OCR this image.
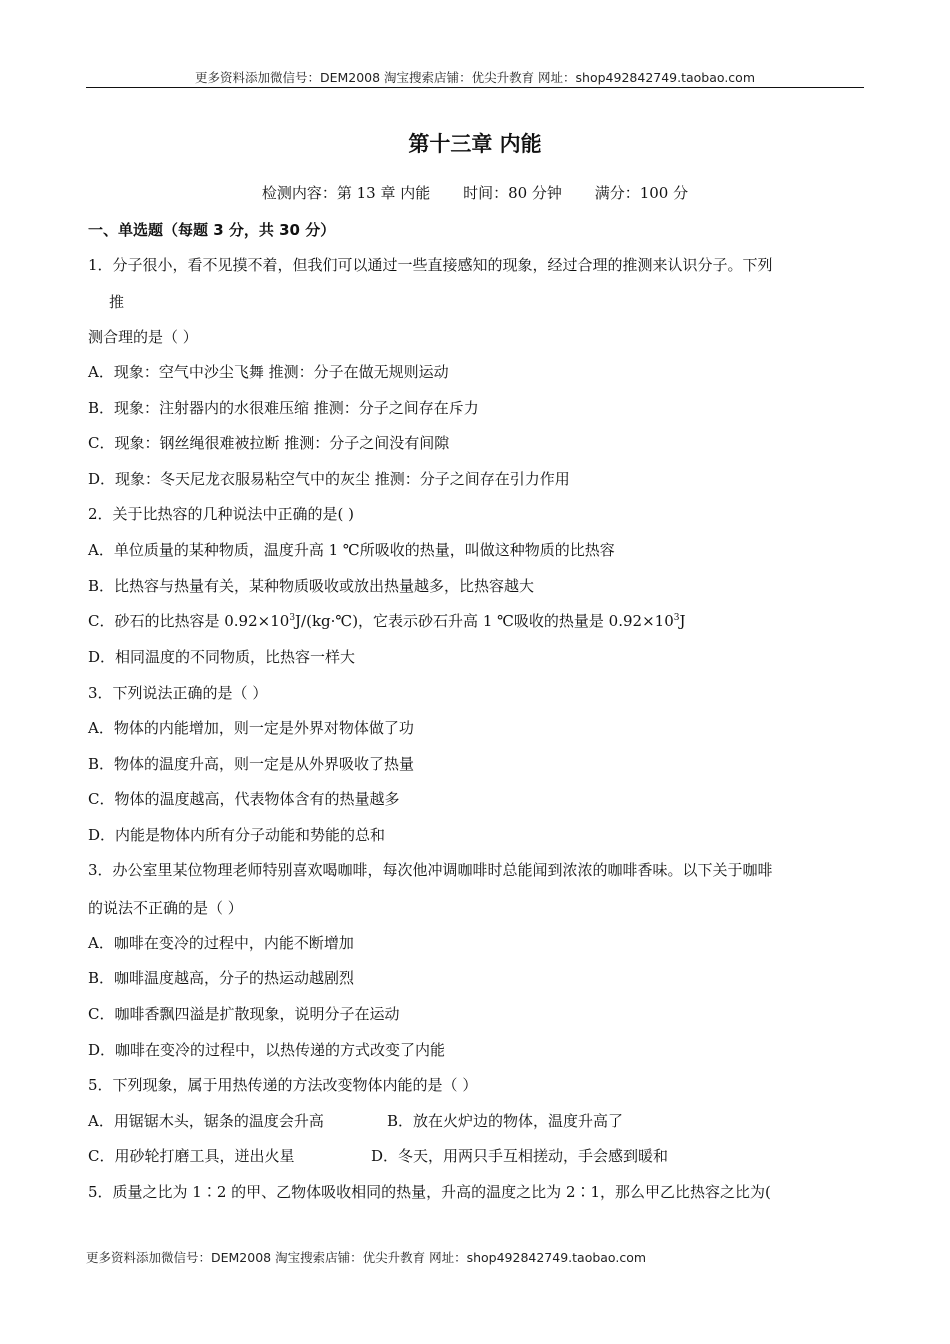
更多资料添加微信号：DEM2008 淘宝搜索店铺：优尖升教育 网址：shop492842749.taobao.com
第十三章 内能
检测内容：第 13 章 内能 时间：80 分钟 满分：100 分
一、单选题（每题 3 分，共 30 分）
1．分子很小，看不见摸不着，但我们可以通过一些直接感知的现象，经过合理的推测来认识分子。下列
推
测合理的是（ ）
A．现象：空气中沙尘飞舞 推测：分子在做无规则运动
B．现象：注射器内的水很难压缩 推测：分子之间存在斥力
C．现象：钢丝绳很难被拉断 推测：分子之间没有间隙
D．现象：冬天尼龙衣服易粘空气中的灰尘 推测：分子之间存在引力作用
2．关于比热容的几种说法中正确的是( )
A．单位质量的某种物质，温度升高 1 ℃所吸收的热量，叫做这种物质的比热容
B．比热容与热量有关，某种物质吸收或放出热量越多，比热容越大
C．砂石的比热容是 $0.92\times 10^3J/(kg\cdot℃)$，它表示砂石升高 1 ℃吸收的热量是 $0.92\times 10^3J$
D．相同温度的不同物质，比热容一样大
3．下列说法正确的是（ ）
A．物体的内能增加，则一定是外界对物体做了功
B．物体的温度升高，则一定是从外界吸收了热量
C．物体的温度越高，代表物体含有的热量越多
D．内能是物体内所有分子动能和势能的总和
3．办公室里某位物理老师特别喜欢喝咖啡，每次他冲调咖啡时总能闻到浓浓的咖啡香味。以下关于咖啡
的说法不正确的是（ ）
A．咖啡在变冷的过程中，内能不断增加
B．咖啡温度越高，分子的热运动越剧烈
C．咖啡香飘四溢是扩散现象，说明分子在运动
D．咖啡在变冷的过程中，以热传递的方式改变了内能
5．下列现象，属于用热传递的方法改变物体内能的是（ ）
A．用锯锯木头，锯条的温度会升高	B．放在火炉边的物体，温度升高了
C．用砂轮打磨工具，迸出火星	D．冬天，用两只手互相搓动，手会感到暖和
5．质量之比为 1∶2 的甲、乙物体吸收相同的热量，升高的温度之比为 2∶1，那么甲乙比热容之比为(
更多资料添加微信号：DEM2008 淘宝搜索店铺：优尖升教育 网址：shop492842749.taobao.com
